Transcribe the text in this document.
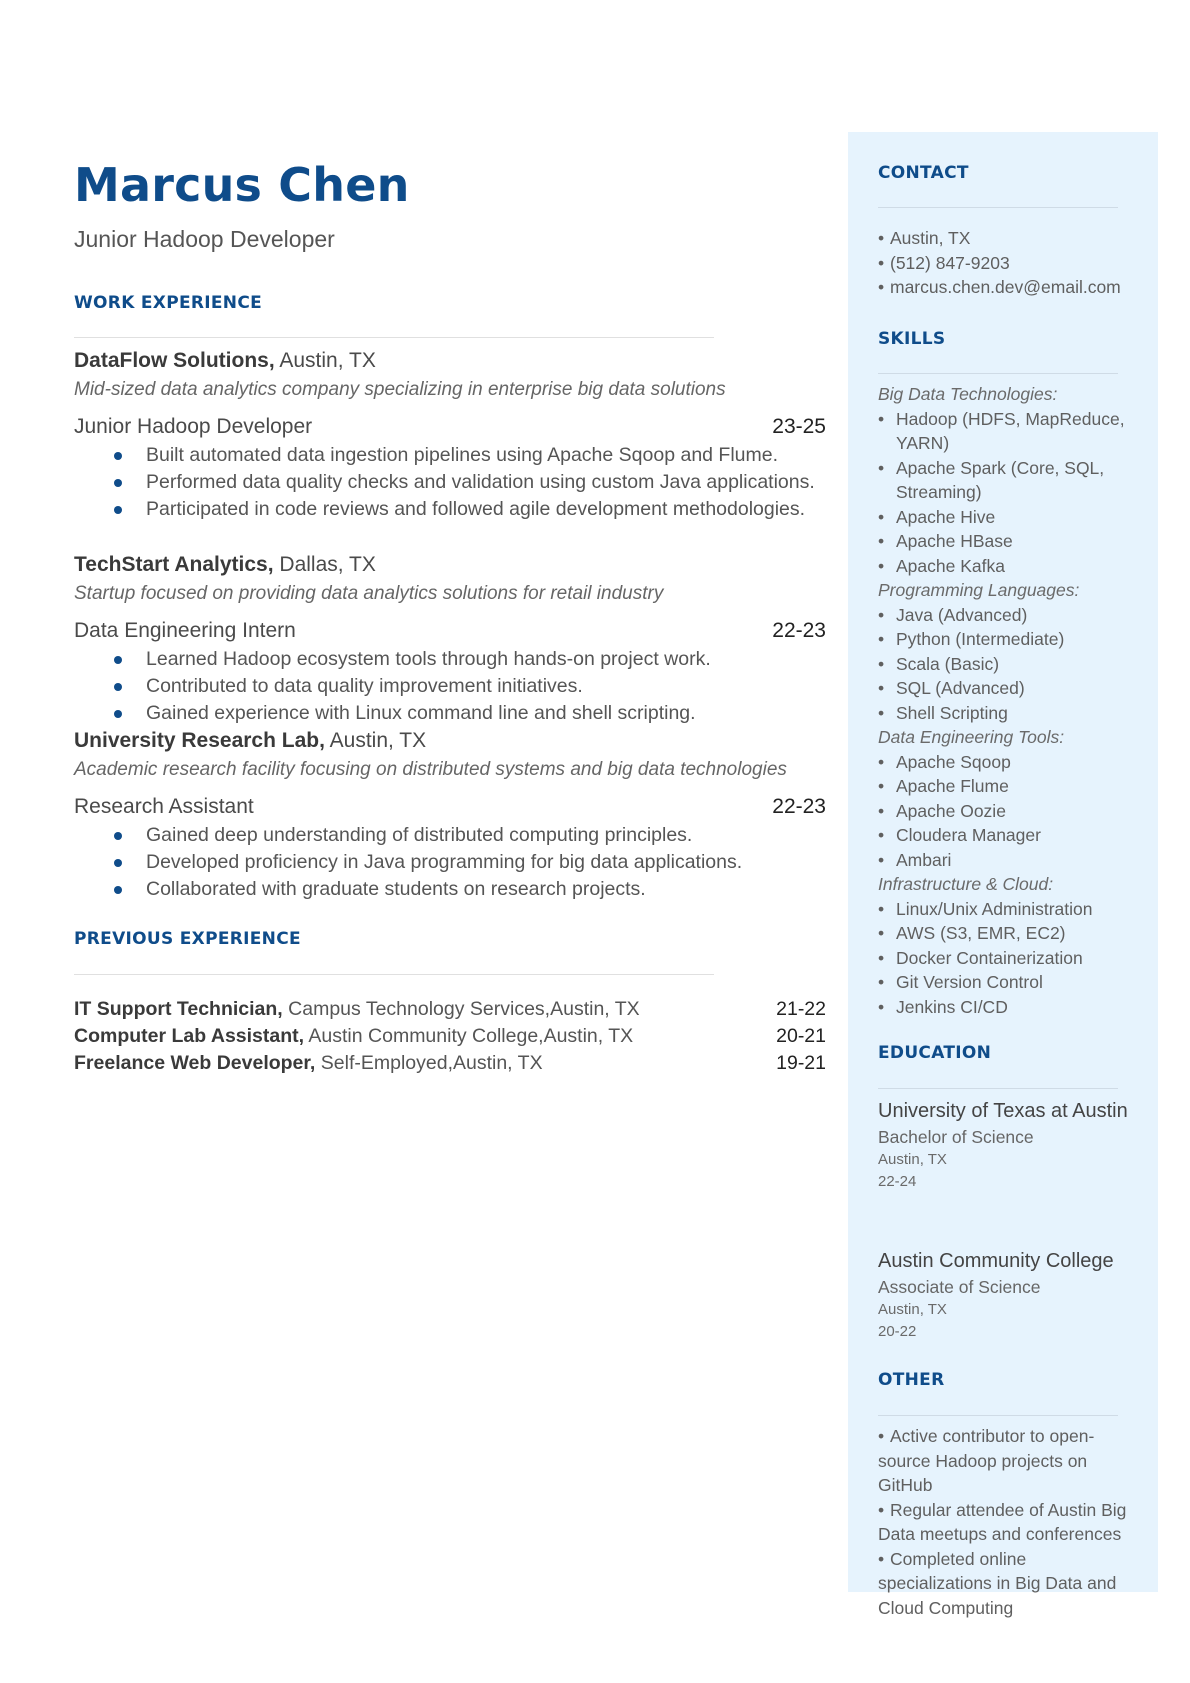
Marcus Chen
Junior Hadoop Developer
WORK EXPERIENCE
DataFlow Solutions, Austin, TX
Mid-sized data analytics company specializing in enterprise big data solutions
Junior Hadoop Developer	23-25
Built automated data ingestion pipelines using Apache Sqoop and Flume.
Performed data quality checks and validation using custom Java applications.
Participated in code reviews and followed agile development methodologies.
TechStart Analytics, Dallas, TX
Startup focused on providing data analytics solutions for retail industry
Data Engineering Intern	22-23
Learned Hadoop ecosystem tools through hands-on project work.
Contributed to data quality improvement initiatives.
Gained experience with Linux command line and shell scripting.
University Research Lab, Austin, TX
Academic research facility focusing on distributed systems and big data technologies
Research Assistant	22-23
Gained deep understanding of distributed computing principles.
Developed proficiency in Java programming for big data applications.
Collaborated with graduate students on research projects.
PREVIOUS EXPERIENCE
IT Support Technician, Campus Technology Services,Austin, TX	21-22
Computer Lab Assistant, Austin Community College,Austin, TX	20-21
Freelance Web Developer, Self-Employed,Austin, TX	19-21
CONTACT
• Austin, TX
• (512) 847-9203
• marcus.chen.dev@email.com
SKILLS
Big Data Technologies:
• Hadoop (HDFS, MapReduce, YARN)
• Apache Spark (Core, SQL, Streaming)
• Apache Hive
• Apache HBase
• Apache Kafka
Programming Languages:
• Java (Advanced)
• Python (Intermediate)
• Scala (Basic)
• SQL (Advanced)
• Shell Scripting
Data Engineering Tools:
• Apache Sqoop
• Apache Flume
• Apache Oozie
• Cloudera Manager
• Ambari
Infrastructure & Cloud:
• Linux/Unix Administration
• AWS (S3, EMR, EC2)
• Docker Containerization
• Git Version Control
• Jenkins CI/CD
EDUCATION
University of Texas at Austin
Bachelor of Science
Austin, TX
22-24
Austin Community College
Associate of Science
Austin, TX
20-22
OTHER
• Active contributor to open-source Hadoop projects on GitHub
• Regular attendee of Austin Big Data meetups and conferences
• Completed online specializations in Big Data and Cloud Computing
